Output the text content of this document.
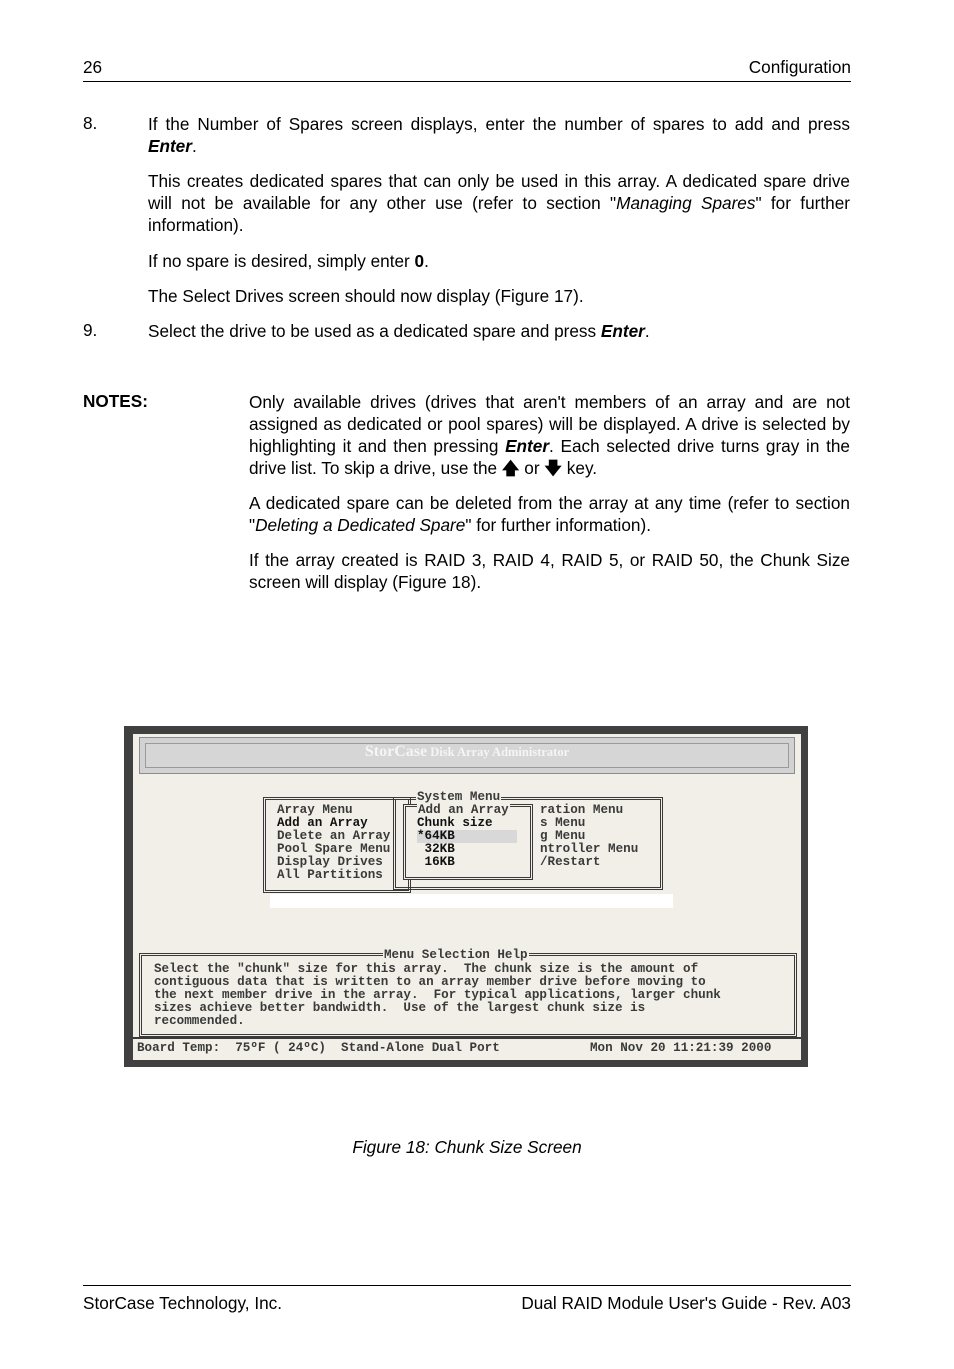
26	Configuration
8.	If the Number of Spares screen displays, enter the number of spares to add and press Enter.
This creates dedicated spares that can only be used in this array. A dedicated spare drive will not be available for any other use (refer to section "Managing Spares" for further information).
If no spare is desired, simply enter 0.
The Select Drives screen should now display (Figure 17).
9.	Select the drive to be used as a dedicated spare and press Enter.
NOTES:	Only available drives (drives that aren't members of an array and are not assigned as dedicated or pool spares) will be displayed. A drive is selected by highlighting it and then pressing Enter. Each selected drive turns gray in the drive list. To skip a drive, use the 🡅 or 🡇 key.
A dedicated spare can be deleted from the array at any time (refer to section "Deleting a Dedicated Spare" for further information).
If the array created is RAID 3, RAID 4, RAID 5, or RAID 50, the Chunk Size screen will display (Figure 18).
StorCase Disk Array Administrator
ration Menu
s Menu
g Menu
ntroller Menu
/Restart
System Menu
Array Menu
Add an Array
Delete an Array
Pool Spare Menu
Display Drives
All Partitions
Add an Array
Chunk size
*64KB
32KB
16KB
Menu Selection Help
Select the "chunk" size for this array.  The chunk size is the amount of
contiguous data that is written to an array member drive before moving to
the next member drive in the array.  For typical applications, larger chunk
sizes achieve better bandwidth.  Use of the largest chunk size is
recommended.
Board Temp:  75ºF ( 24ºC)  Stand-Alone Dual Port	Mon Nov 20 11:21:39 2000
Figure 18: Chunk Size Screen
StorCase Technology, Inc.	Dual RAID Module User's Guide - Rev. A03
